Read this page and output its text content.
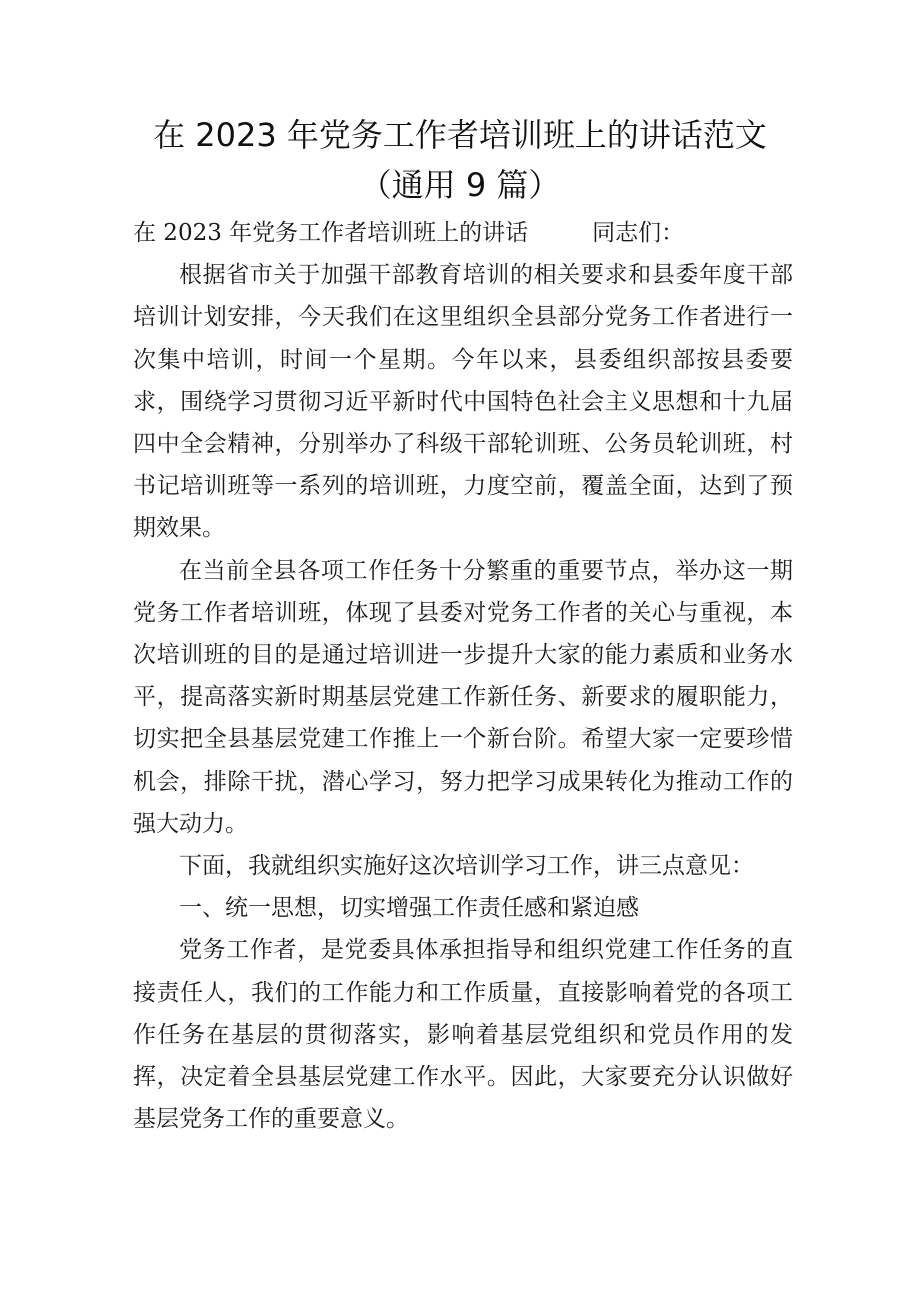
在 2023 年党务工作者培训班上的讲话范文
（通用 9 篇）

在 2023 年党务工作者培训班上的讲话	同志们：

根据省市关于加强干部教育培训的相关要求和县委年度干部培训计划安排，今天我们在这里组织全县部分党务工作者进行一次集中培训，时间一个星期。今年以来，县委组织部按县委要求，围绕学习贯彻习近平新时代中国特色社会主义思想和十九届四中全会精神，分别举办了科级干部轮训班、公务员轮训班，村书记培训班等一系列的培训班，力度空前，覆盖全面，达到了预期效果。

在当前全县各项工作任务十分繁重的重要节点，举办这一期党务工作者培训班，体现了县委对党务工作者的关心与重视，本次培训班的目的是通过培训进一步提升大家的能力素质和业务水平，提高落实新时期基层党建工作新任务、新要求的履职能力，切实把全县基层党建工作推上一个新台阶。希望大家一定要珍惜机会，排除干扰，潜心学习，努力把学习成果转化为推动工作的强大动力。

下面，我就组织实施好这次培训学习工作，讲三点意见：

一、统一思想，切实增强工作责任感和紧迫感

党务工作者，是党委具体承担指导和组织党建工作任务的直接责任人，我们的工作能力和工作质量，直接影响着党的各项工作任务在基层的贯彻落实，影响着基层党组织和党员作用的发挥，决定着全县基层党建工作水平。因此，大家要充分认识做好基层党务工作的重要意义。
